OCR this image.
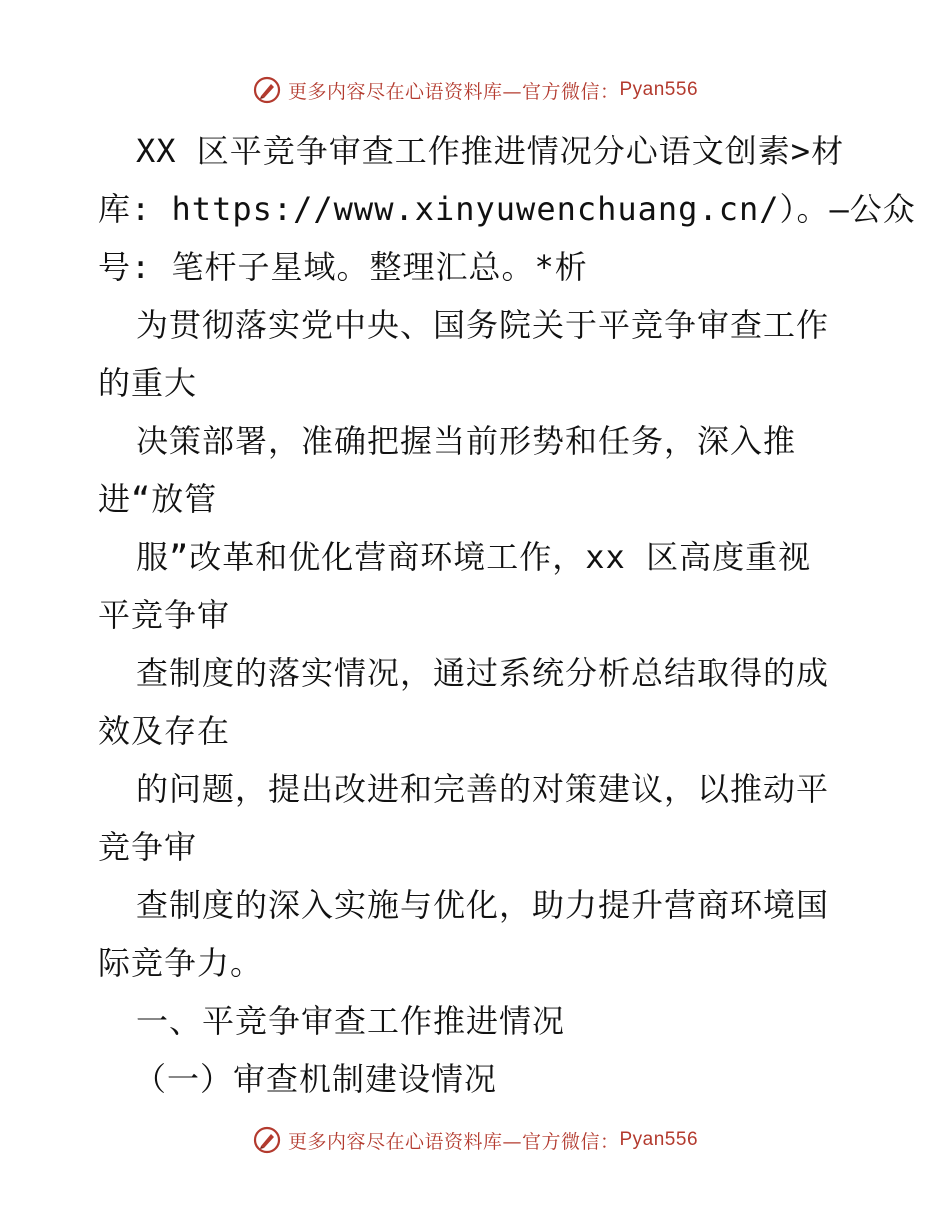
更多内容尽在心语资料库—官方微信： Pyan556
XX 区平竞争审查工作推进情况分心语文创素>材
库: https://www.xinyuwenchuang.cn/）。—公众
号: 笔杆子星域。整理汇总。*析
为贯彻落实党中央、国务院关于平竞争审查工作
的重大
决策部署，准确把握当前形势和任务，深入推
进“放管
服”改革和优化营商环境工作，xx 区高度重视
平竞争审
查制度的落实情况，通过系统分析总结取得的成
效及存在
的问题，提出改进和完善的对策建议，以推动平
竞争审
查制度的深入实施与优化，助力提升营商环境国
际竞争力。
一、平竞争审查工作推进情况
（一）审查机制建设情况
更多内容尽在心语资料库—官方微信： Pyan556
